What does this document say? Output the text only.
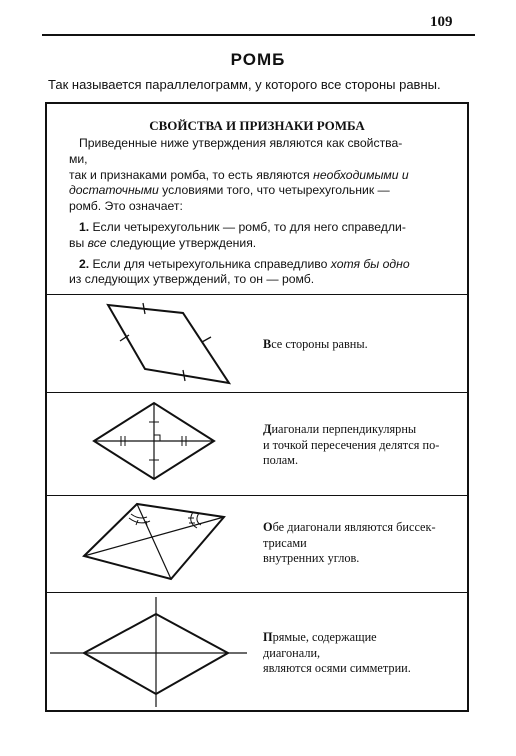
109
РОМБ
Так называется параллелограмм, у которого все стороны равны.
СВОЙСТВА И ПРИЗНАКИ РОМБА

Приведенные ниже утверждения являются как свойства-

ми,

так и признаками ромба, то есть являются необходимыми и

достаточными условиями того, что четырехугольник —

ромб. Это означает:

1. Если четырехугольник — ромб, то для него справедли-

вы все следующие утверждения.

2. Если для четырехугольника справедливо хотя бы одно

из следующих утверждений, то он — ромб.

Все стороны равны.
Диагонали перпендикулярны
и точкой пересечения делятся по-
полам.
Обе диагонали являются биссек-
трисами
внутренних углов.
Прямые, содержащие
диагонали,
являются осями симметрии.
